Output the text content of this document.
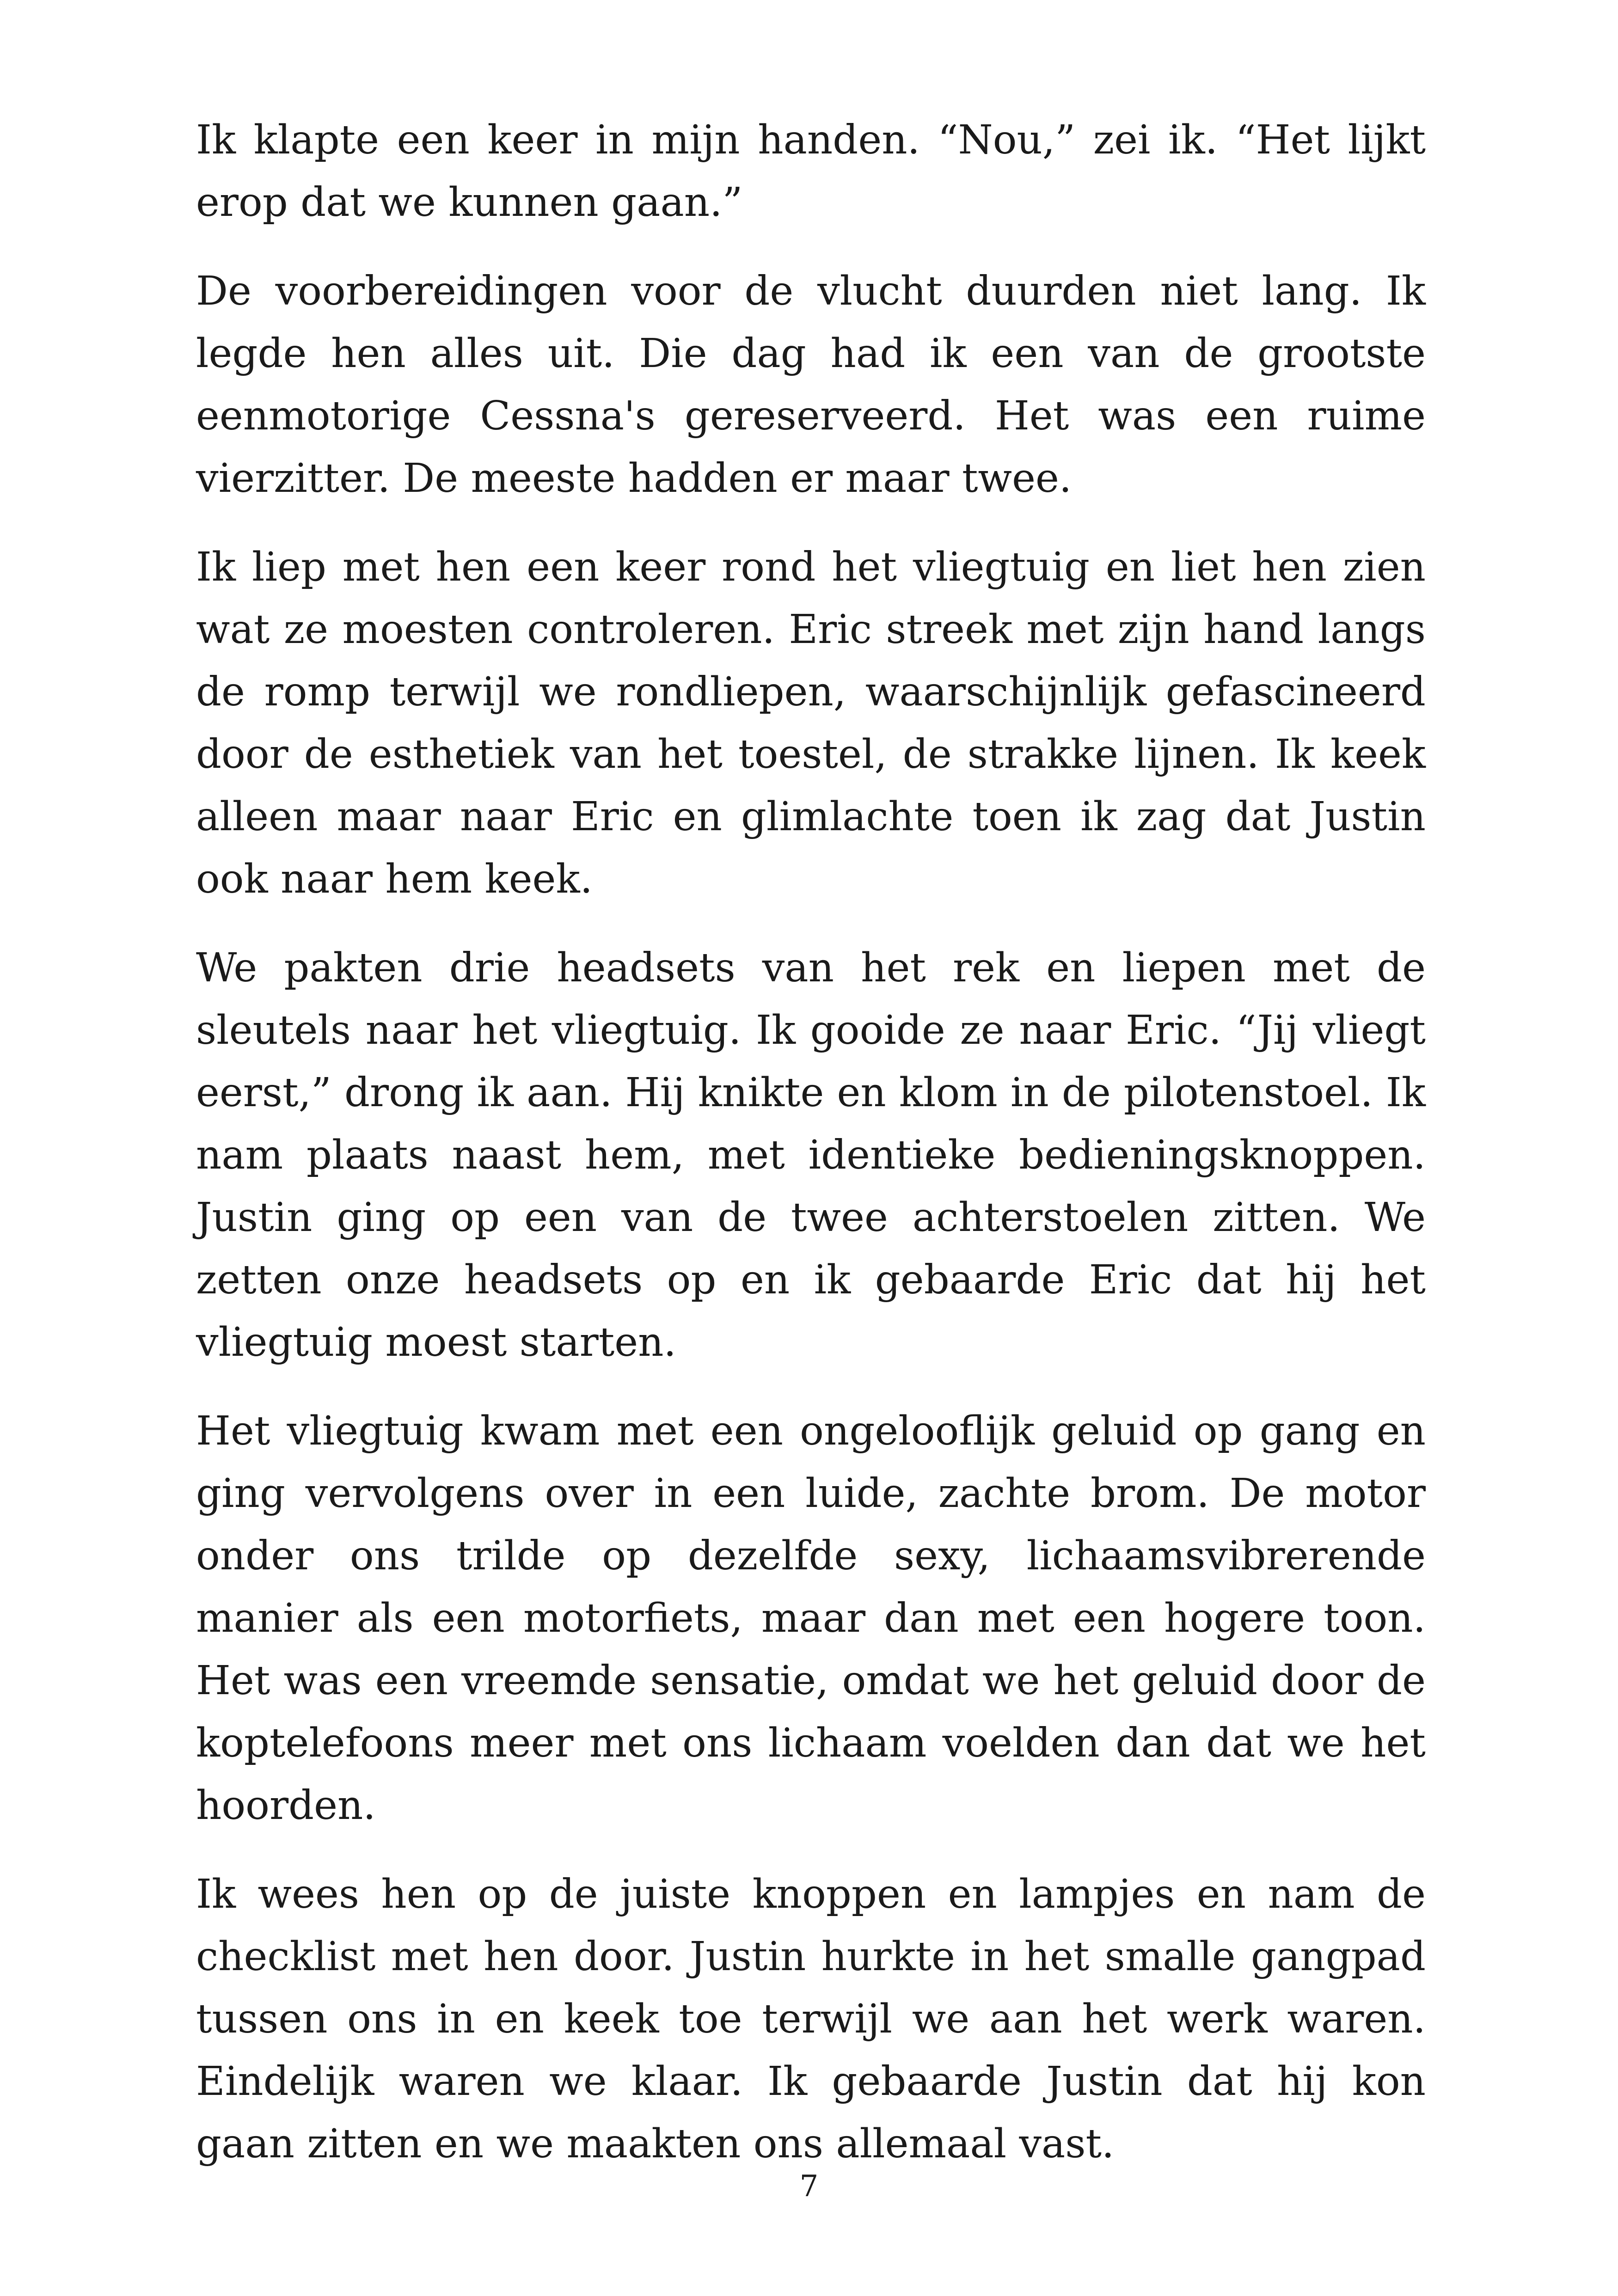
Ik klapte een keer in mijn handen. “Nou,” zei ik. “Het lijkt erop dat we kunnen gaan.”

De voorbereidingen voor de vlucht duurden niet lang. Ik legde hen alles uit. Die dag had ik een van de grootste eenmotorige Cessna's gereserveerd. Het was een ruime vierzitter. De meeste hadden er maar twee.

Ik liep met hen een keer rond het vliegtuig en liet hen zien wat ze moesten controleren. Eric streek met zijn hand langs de romp terwijl we rondliepen, waarschijnlijk gefascineerd door de esthetiek van het toestel, de strakke lijnen. Ik keek alleen maar naar Eric en glimlachte toen ik zag dat Justin ook naar hem keek.

We pakten drie headsets van het rek en liepen met de sleutels naar het vliegtuig. Ik gooide ze naar Eric. “Jij vliegt eerst,” drong ik aan. Hij knikte en klom in de pilotenstoel. Ik nam plaats naast hem, met identieke bedieningsknoppen. Justin ging op een van de twee achterstoelen zitten. We zetten onze headsets op en ik gebaarde Eric dat hij het vliegtuig moest starten.

Het vliegtuig kwam met een ongelooflijk geluid op gang en ging vervolgens over in een luide, zachte brom. De motor onder ons trilde op dezelfde sexy, lichaamsvibrerende manier als een motorfiets, maar dan met een hogere toon. Het was een vreemde sensatie, omdat we het geluid door de koptelefoons meer met ons lichaam voelden dan dat we het hoorden.

Ik wees hen op de juiste knoppen en lampjes en nam de checklist met hen door. Justin hurkte in het smalle gangpad tussen ons in en keek toe terwijl we aan het werk waren. Eindelijk waren we klaar. Ik gebaarde Justin dat hij kon gaan zitten en we maakten ons allemaal vast.

7
